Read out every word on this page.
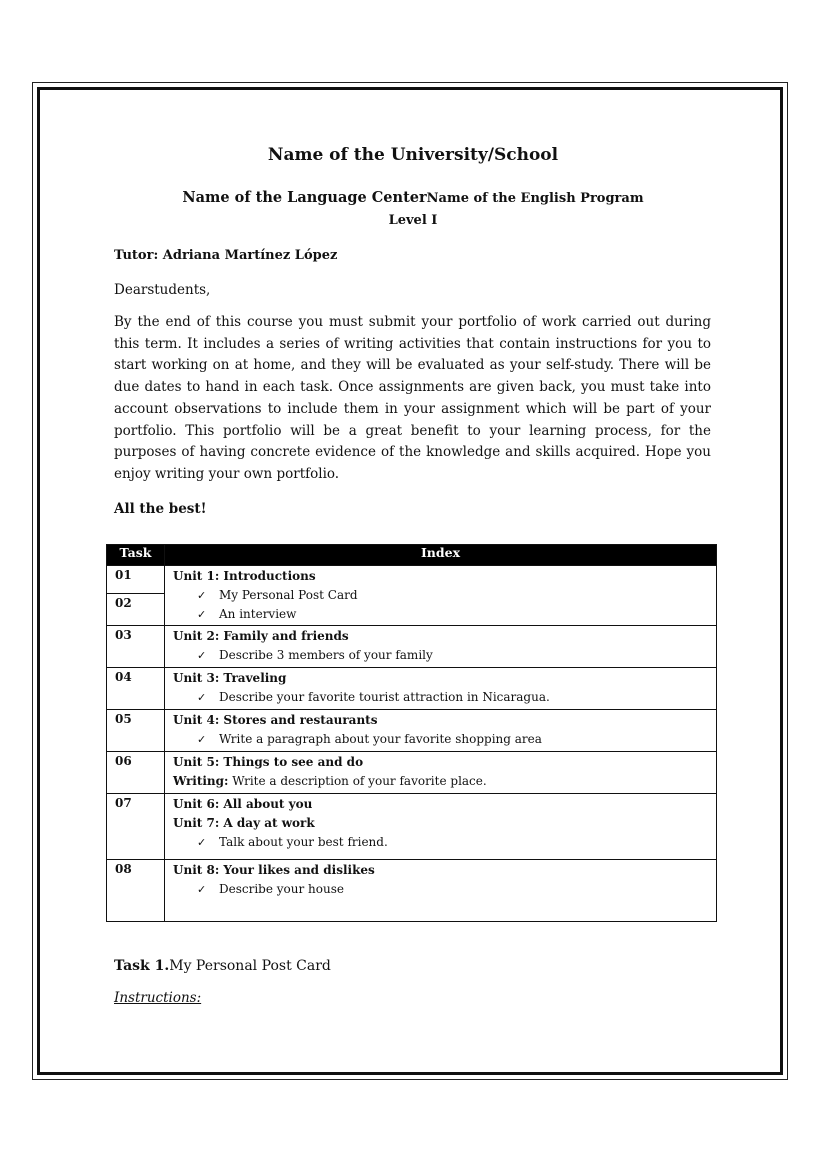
Name of the University/School
Name of the Language CenterName of the English Program
Level I
Tutor: Adriana Martínez López
Dearstudents,
By the end of this course you must submit your portfolio of work carried out during this term. It includes a series of writing activities that contain instructions for you to start working on at home, and they will be evaluated as your self-study. There will be due dates to hand in each task. Once assignments are given back, you must take into account observations to include them in your assignment which will be part of your portfolio. This portfolio will be a great benefit to your learning process, for the purposes of having concrete evidence of the knowledge and skills acquired. Hope you enjoy writing your own portfolio.
All the best!
Task	Index
01	Unit 1: Introductions
✓ My Personal Post Card
✓ An interview

02	
03	Unit 2: Family and friends
✓ Describe 3 members of your family

04	Unit 3: Traveling
✓ Describe your favorite tourist attraction in Nicaragua.

05	Unit 4: Stores and restaurants
✓ Write a paragraph about your favorite shopping area

06	Unit 5: Things to see and do
Writing: Write a description of your favorite place.

07	Unit 6: All about you
Unit 7: A day at work
✓ Talk about your best friend.

08	Unit 8: Your likes and dislikes
✓ Describe your house
Task 1.My Personal Post Card
Instructions:
